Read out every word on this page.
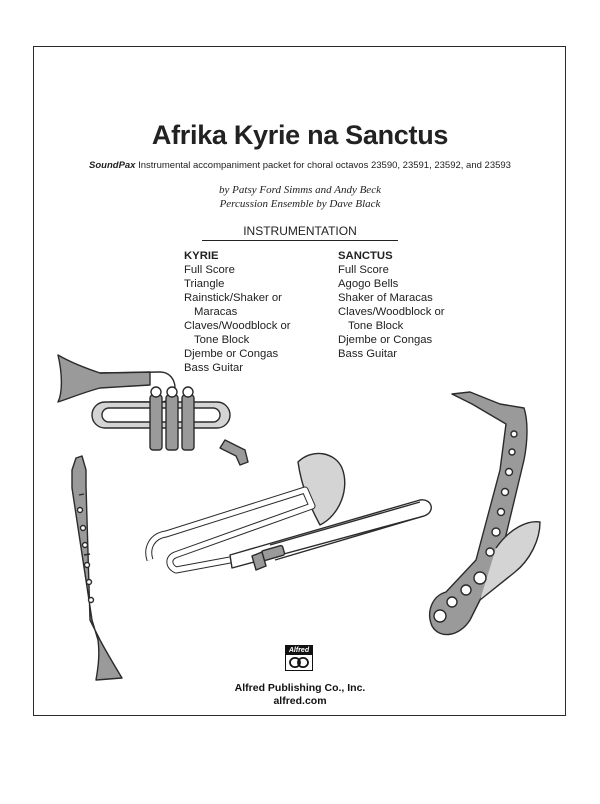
Afrika Kyrie na Sanctus
SoundPax Instrumental accompaniment packet for choral octavos 23590, 23591, 23592, and 23593
by Patsy Ford Simms and Andy Beck
Percussion Ensemble by Dave Black
INSTRUMENTATION
KYRIE
Full Score
Triangle
Rainstick/Shaker or
Maracas
Claves/Woodblock or
Tone Block
Djembe or Congas
Bass Guitar
SANCTUS
Full Score
Agogo Bells
Shaker of Maracas
Claves/Woodblock or
Tone Block
Djembe or Congas
Bass Guitar
Alfred
Alfred Publishing Co., Inc.
alfred.com
